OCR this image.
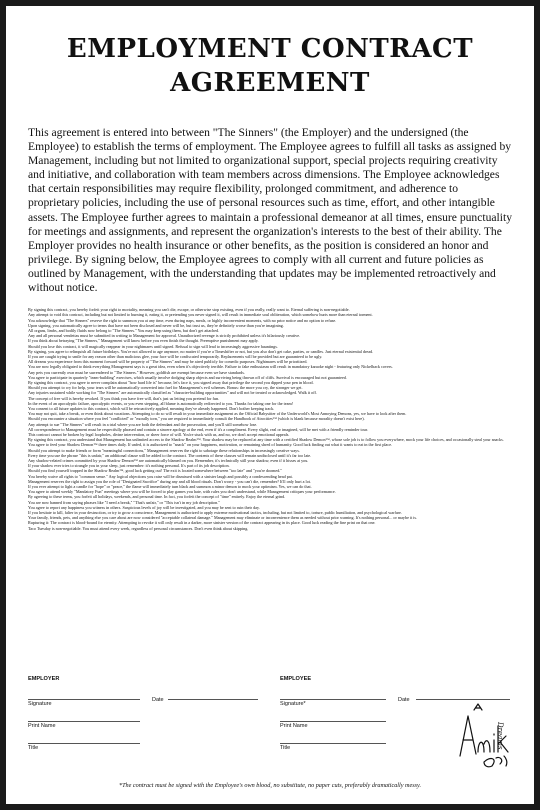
EMPLOYMENT CONTRACT
AGREEMENT
This agreement is entered into between "The Sinners" (the Employer) and the undersigned (the Employee) to establish the terms of employment. The Employee agrees to fulfill all tasks as assigned by Management, including but not limited to organizational support, special projects requiring creativity and initiative, and collaboration with team members across dimensions. The Employee acknowledges that certain responsibilities may require flexibility, prolonged commitment, and adherence to proprietary policies, including the use of personal resources such as time, effort, and other intangible assets. The Employee further agrees to maintain a professional demeanor at all times, ensure punctuality for meetings and assignments, and represent the organization's interests to the best of their ability. The Employer provides no health insurance or other benefits, as the position is considered an honor and privilege. By signing below, the Employee agrees to comply with all current and future policies as outlined by Management, with the understanding that updates may be implemented retroactively and without notice.

By signing this contract, you hereby forfeit your right to mortality, meaning you can't die, escape, or otherwise stop existing, even if you really, really want to. Eternal suffering is non-negotiable.

Any attempt to void this contract, including but not limited to burning it, eating it, or pretending you never signed it, will result in immediate soul obliteration, which somehow hurts more than eternal torment.

You acknowledge that "The Sinners" reserve the right to summon you at any time, even during naps, meals, or highly inconvenient moments, with no prior notice and no option to refuse.

Upon signing, you automatically agree to terms that have not been disclosed and never will be, but trust us, they're definitely worse than you're imagining.

All organs, limbs, and bodily fluids now belong to "The Sinners." You may keep using them, but don't get attached.

Any and all personal vendettas must be submitted in writing to Management for approval. Unauthorized revenge is strictly prohibited unless it's hilariously creative.

If you think about betraying "The Sinners," Management will know before you even finish the thought. Preemptive punishment may apply.

Should you lose this contract, it will magically reappear in your nightmares until signed. Refusal to sign will lead to increasingly aggressive hauntings.

By signing, you agree to relinquish all future birthdays. You're not allowed to age anymore, no matter if you're a Timeshifter or not, but you also don't get cake, parties, or candles. Just eternal existential dread.

If you are caught trying to smile for any reason other than malicious glee, your face will be confiscated temporarily. Replacements will be provided but are guaranteed to be ugly.

All dreams you experience from this moment forward will be property of "The Sinners" and may be aired publicly for comedic purposes. Nightmares will be prioritized.

You are now legally obligated to think everything Management says is a great idea, even when it's objectively terrible. Failure to fake enthusiasm will result in mandatory karaoke night - featuring only Nickelback covers.

Any pets you currently own must be surrendered to "The Sinners." However, goldfish are exempt because even we have standards.

You agree to participate in quarterly "team-building" exercises, which usually involve dodging sharp objects and surviving being thrown off of cliffs. Survival is encouraged but not guaranteed.

By signing this contract, you agree to never complain about "how hard life is" because, let's face it, you signed away that privilege the second you dipped your pen in blood.

Should you attempt to cry for help, your tears will be automatically converted into fuel for Management's evil schemes. Bonus: the more you cry, the stronger we get.

Any injuries sustained while working for "The Sinners" are automatically classified as "character-building opportunities" and will not be treated or acknowledged. Walk it off.

The concept of free will is hereby revoked. If you think you have free will, that's just us letting you pretend for fun.

In the event of an apocalyptic failure, apocalyptic events, or you even stepping, all blame is automatically redirected to you. Thanks for taking one for the team!

You consent to all future updates to this contract, which will be retroactively applied, meaning they've already happened. Don't bother keeping track.

You may not quit, take a break, or even think about vacations. Attempting to do so will result in your immediate assignment as the Official Babysitter of the Underworld's Most Annoying Demons, yes, we have to look after them.

Should you encounter a situation where you feel "conflicted" or "morally torn," you are required to immediately consult the Handbook of Atrocities™ (which is blank because morality doesn't exist here).

Any attempt to sue "The Sinners" will result in a trial where you are both the defendant and the prosecution, and you'll still somehow lose.

All correspondence to Management must be respectfully phrased and contain a sincere apology at the end, even if it's a compliment. Every slight, real or imagined, will be met with a friendly reminder tour.

This contract cannot be broken by legal loopholes, divine intervention, or sheer force of will. You're stuck with us, and no, we don't accept emotional appeals.

By signing this contract, you understand that Management has unlimited access to the Shadow Realm™. Your shadow may be replaced at any time with a certified Shadow Demon™, whose sole job is to follow you everywhere, mock your life choices, and occasionally steal your snacks.

You agree to feed your Shadow Demon™ three times daily. If unfed, it is authorized to "snack" on your happiness, motivation, or remaining shred of humanity. Good luck finding out what it wants to eat in the first place.

Should you attempt to make friends or form "meaningful connections," Management reserves the right to sabotage these relationships in increasingly creative ways.

Every time you use the phrase "this is unfair," an additional clause will be added to the contract. The contents of these clauses will remain undisclosed until it's far too late.

Any shadow-related crimes committed by your Shadow Demon™ are automatically blamed on you. Remember, it's technically still your shadow, even if it hisses at you.

If your shadow ever tries to strangle you in your sleep, just remember: it's nothing personal. It's part of its job description.

Should you find yourself trapped in the Shadow Realm™, good luck getting out! The exit is located somewhere between "too late" and "you're doomed."

You hereby waive all rights to "common sense." Any logical objections you raise will be dismissed with a sinister laugh and possibly a condescending head pat.

Management reserves the right to assign you the role of "Designated Sacrifice" during any and all blood rituals. Don't worry - you can't die, remember? It'll only hurt a lot.

If you ever attempt to light a candle for "hope" or "peace," the flame will immediately turn black and summon a minor demon to mock your optimism. Yes, we can do that.

You agree to attend weekly "Mandatory Fun" meetings where you will be forced to play games you hate, with rules you don't understand, while Management critiques your performance.

By agreeing to these terms, you forfeit all holidays, weekends, and personal time. In fact, you forfeit the concept of "time" entirely. Enjoy the eternal grind.

You are now banned from saying phrases like "I need a break," "That's unfair," or "This isn't in my job description."

You agree to report any happiness you witness in others. Suspicious levels of joy will be investigated, and you may be sent to ruin their day.

If you hesitate to kill, falter in your destruction, or try to grow a conscience, Management is authorized to apply extreme motivational tactics, including, but not limited to, torture, public humiliation, and psychological warfare.

Your family, friends, pets, and anything else you care about are now considered "acceptable collateral damage." Management may eliminate or inconvenience them as needed without prior warning. It's nothing personal... or maybe it is.

Rupturing it: The contract is blood-bound for eternity. Attempting to revoke it will only result in a darker, more sinister version of the contract appearing in its place. Good luck reading the fine print on that one.

Taco Tuesday is non-negotiable. You must attend every week, regardless of personal circumstances. Don't even think about skipping.

EMPLOYER
Signature
Date
Print Name
Title
EMPLOYEE
Signature*
Date
Print Name
Title	Dreams
Anika
*The contract must be signed with the Employee's own blood, no substitute, no paper cuts, preferably dramatically messy.
